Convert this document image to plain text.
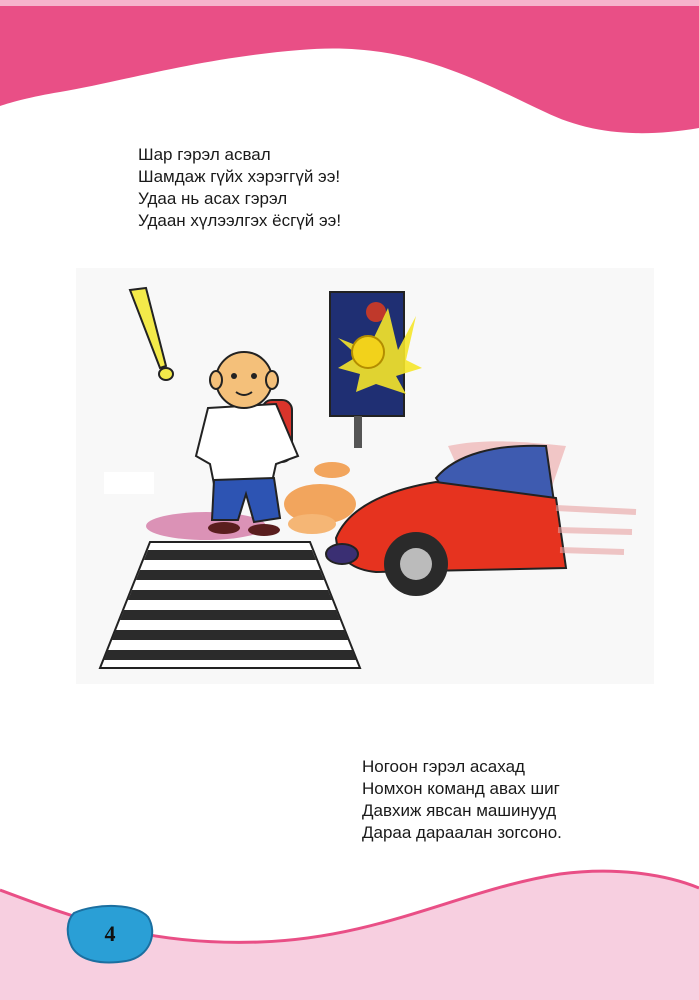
Шар гэрэл асвал
Шамдаж гүйх хэрэггүй ээ!
Удаа нь асах гэрэл
Удаан хүлээлгэх ёсгүй ээ!
Ногоон гэрэл асахад
Номхон команд авах шиг
Давхиж явсан машинууд
Дараа дараалан зогсоно.
4
